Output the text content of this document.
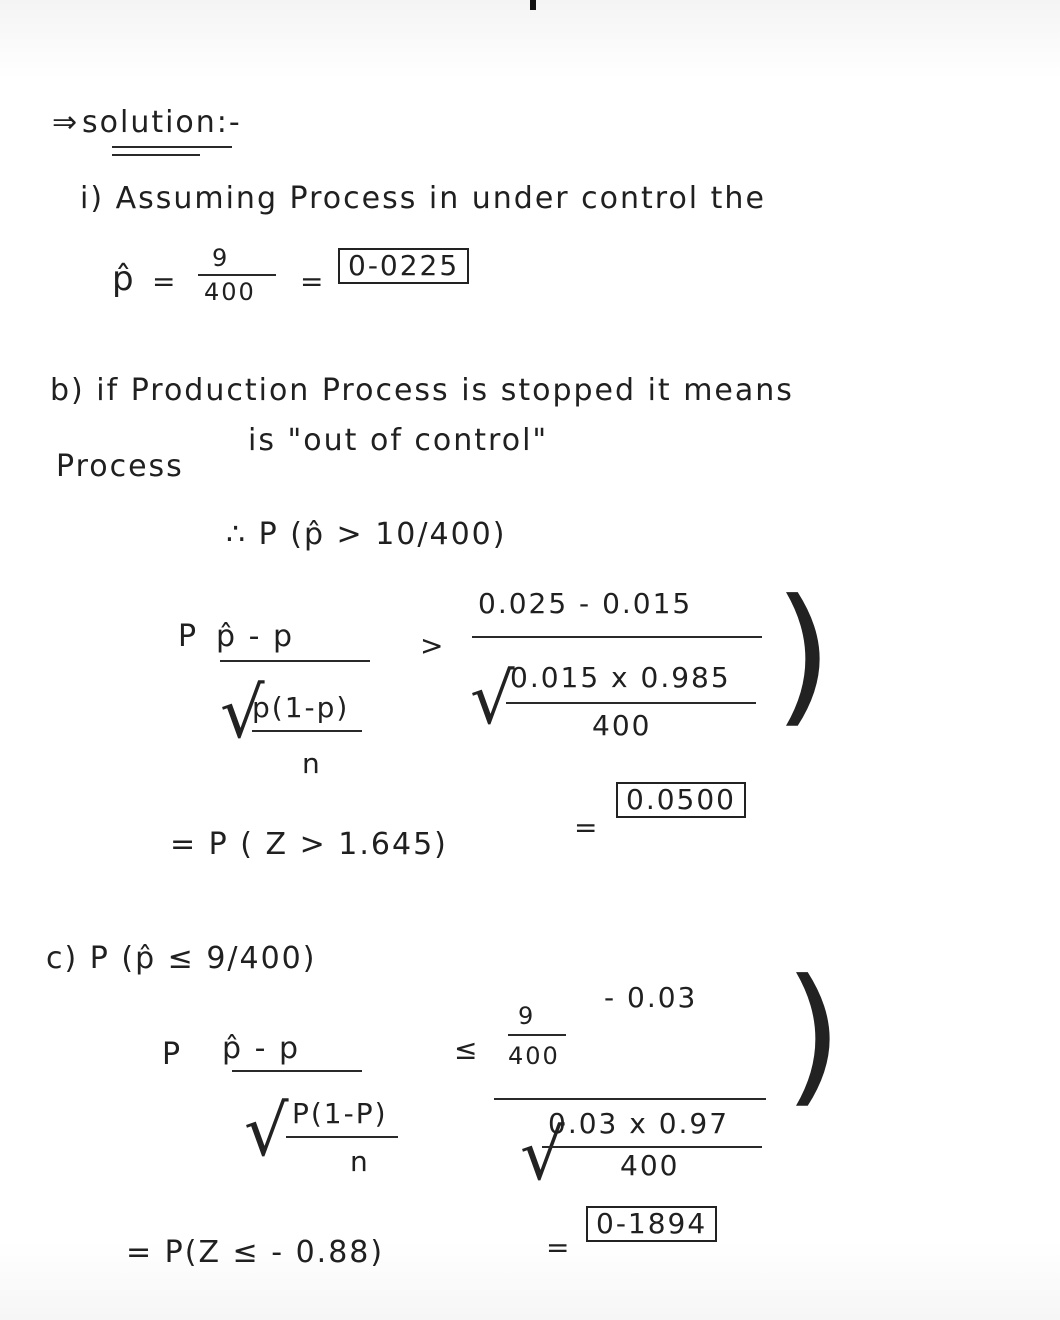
⇒ solution:-
i) Assuming Process in under control the
p̂ =
9
400 = 0-0225
b) if Production Process is stopped it means
Process
is "out of control"
∴ P (p̂ > 10/400)
P p̂ - p
√
p(1-p)
n
>
0.025 - 0.015
√
0.015 x 0.985
400 )
= P ( Z > 1.645)	=
0.0500
c) P (p̂ ≤ 9/400)
P p̂ - p
√ P(1-P)
n
≤
9
400
- 0.03
√
0.03 x 0.97
400
)
= P(Z ≤ - 0.88)	=
0-1894
